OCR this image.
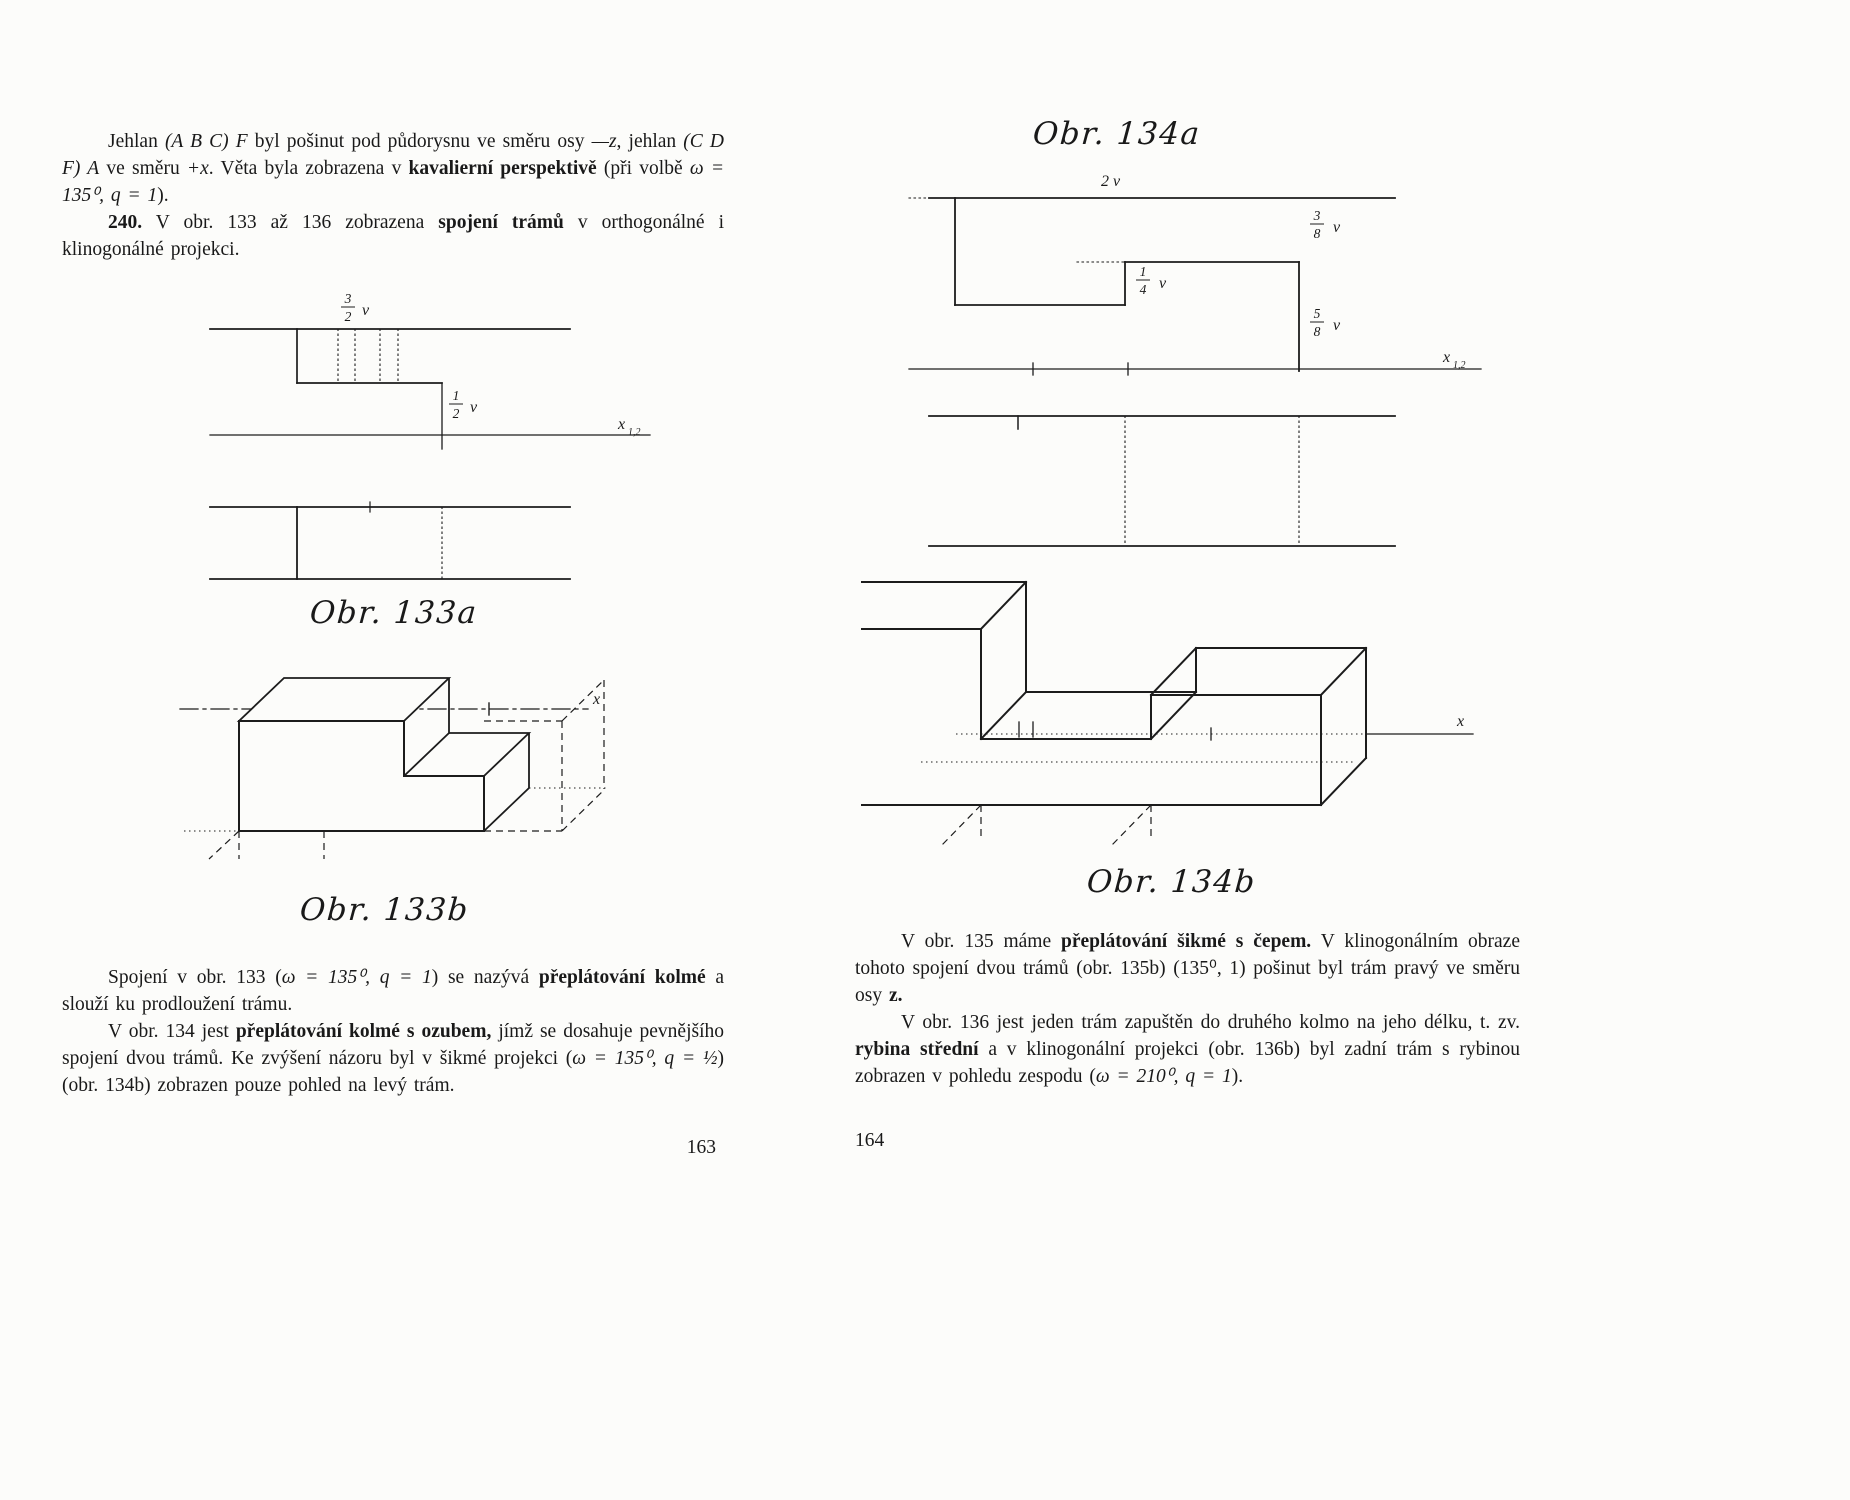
Jehlan (A B C) F byl pošinut pod půdorysnu ve směru osy —z, jehlan (C D F) A ve směru +x. Věta byla zobrazena v kavalierní perspektivě (při volbě ω = 135⁰, q = 1).

240. V obr. 133 až 136 zobrazena spojení trámů v orthogonálné i klinogonálné projekci.

3
2 v
1
2 v
x 1,2
Obr. 133a
x
Obr. 133b

Spojení v obr. 133 (ω = 135⁰, q = 1) se nazývá přeplátování kolmé a slouží ku prodloužení trámu.

V obr. 134 jest přeplátování kolmé s ozubem, jímž se dosahuje pevnějšího spojení dvou trámů. Ke zvýšení názoru byl v šikmé projekci (ω = 135⁰, q = ½) (obr. 134b) zobrazen pouze pohled na levý trám.

163
Obr. 134a
2 v
3
8 v
1
4 v
5
8 v
x 1,2
x
Obr. 134b

V obr. 135 máme přeplátování šikmé s čepem. V klinogonálním obraze tohoto spojení dvou trámů (obr. 135b) (135⁰, 1) pošinut byl trám pravý ve směru osy z.

V obr. 136 jest jeden trám zapuštěn do druhého kolmo na jeho délku, t. zv. rybina střední a v klinogonální projekci (obr. 136b) byl zadní trám s rybinou zobrazen v pohledu zespodu (ω = 210⁰, q = 1).

164
